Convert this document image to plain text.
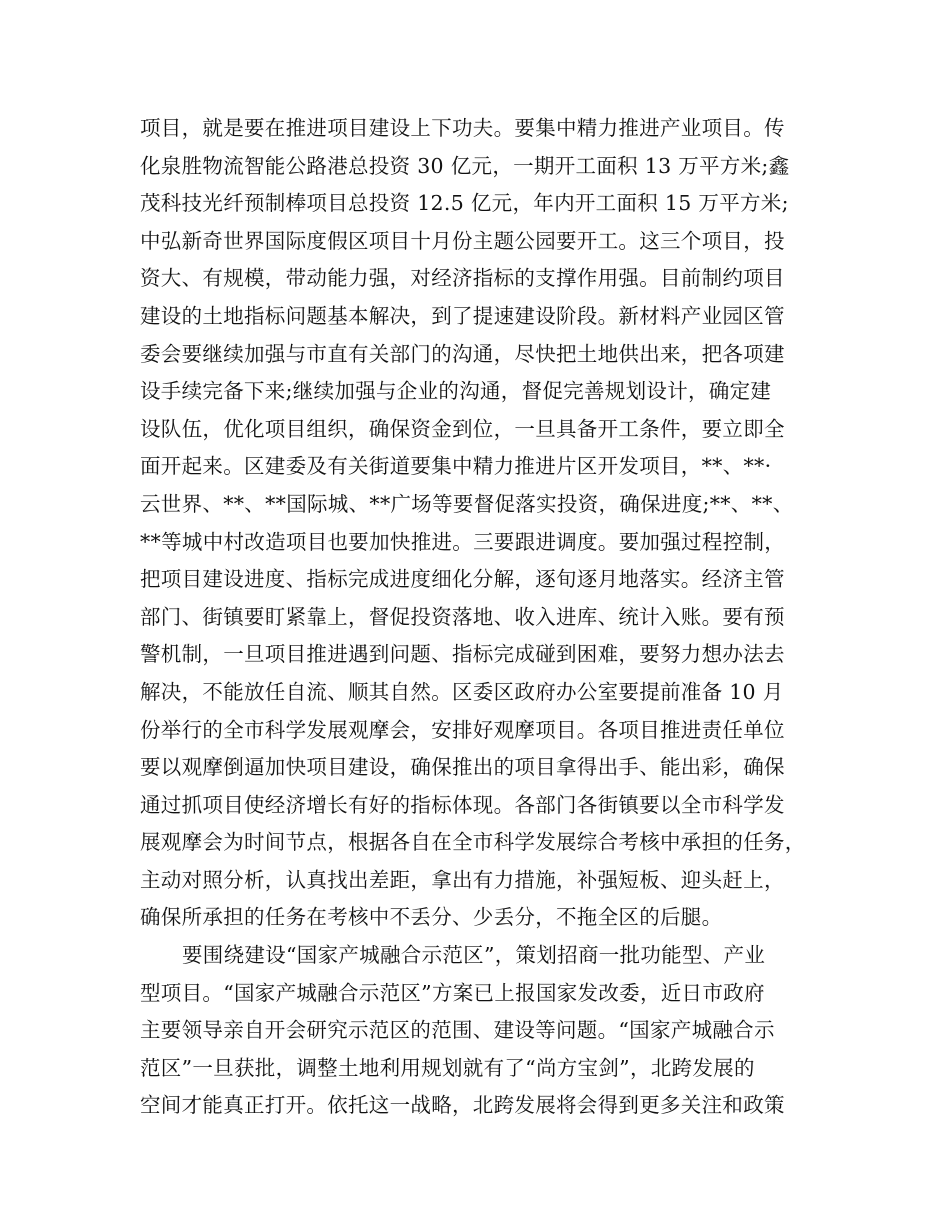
项目，就是要在推进项目建设上下功夫。要集中精力推进产业项目。传
化泉胜物流智能公路港总投资 30 亿元，一期开工面积 13 万平方米;鑫
茂科技光纤预制棒项目总投资 12.5 亿元，年内开工面积 15 万平方米;
中弘新奇世界国际度假区项目十月份主题公园要开工。这三个项目，投
资大、有规模，带动能力强，对经济指标的支撑作用强。目前制约项目
建设的土地指标问题基本解决，到了提速建设阶段。新材料产业园区管
委会要继续加强与市直有关部门的沟通，尽快把土地供出来，把各项建
设手续完备下来;继续加强与企业的沟通，督促完善规划设计，确定建
设队伍，优化项目组织，确保资金到位，一旦具备开工条件，要立即全
面开起来。区建委及有关街道要集中精力推进片区开发项目，**、**·
云世界、**、**国际城、**广场等要督促落实投资，确保进度;**、**、
**等城中村改造项目也要加快推进。三要跟进调度。要加强过程控制，
把项目建设进度、指标完成进度细化分解，逐旬逐月地落实。经济主管
部门、街镇要盯紧靠上，督促投资落地、收入进库、统计入账。要有预
警机制，一旦项目推进遇到问题、指标完成碰到困难，要努力想办法去
解决，不能放任自流、顺其自然。区委区政府办公室要提前准备 10 月
份举行的全市科学发展观摩会，安排好观摩项目。各项目推进责任单位
要以观摩倒逼加快项目建设，确保推出的项目拿得出手、能出彩，确保
通过抓项目使经济增长有好的指标体现。各部门各街镇要以全市科学发
展观摩会为时间节点，根据各自在全市科学发展综合考核中承担的任务，
主动对照分析，认真找出差距，拿出有力措施，补强短板、迎头赶上，
确保所承担的任务在考核中不丢分、少丢分，不拖全区的后腿。
要围绕建设“国家产城融合示范区”，策划招商一批功能型、产业
型项目。“国家产城融合示范区”方案已上报国家发改委，近日市政府
主要领导亲自开会研究示范区的范围、建设等问题。“国家产城融合示
范区”一旦获批，调整土地利用规划就有了“尚方宝剑”，北跨发展的
空间才能真正打开。依托这一战略，北跨发展将会得到更多关注和政策
